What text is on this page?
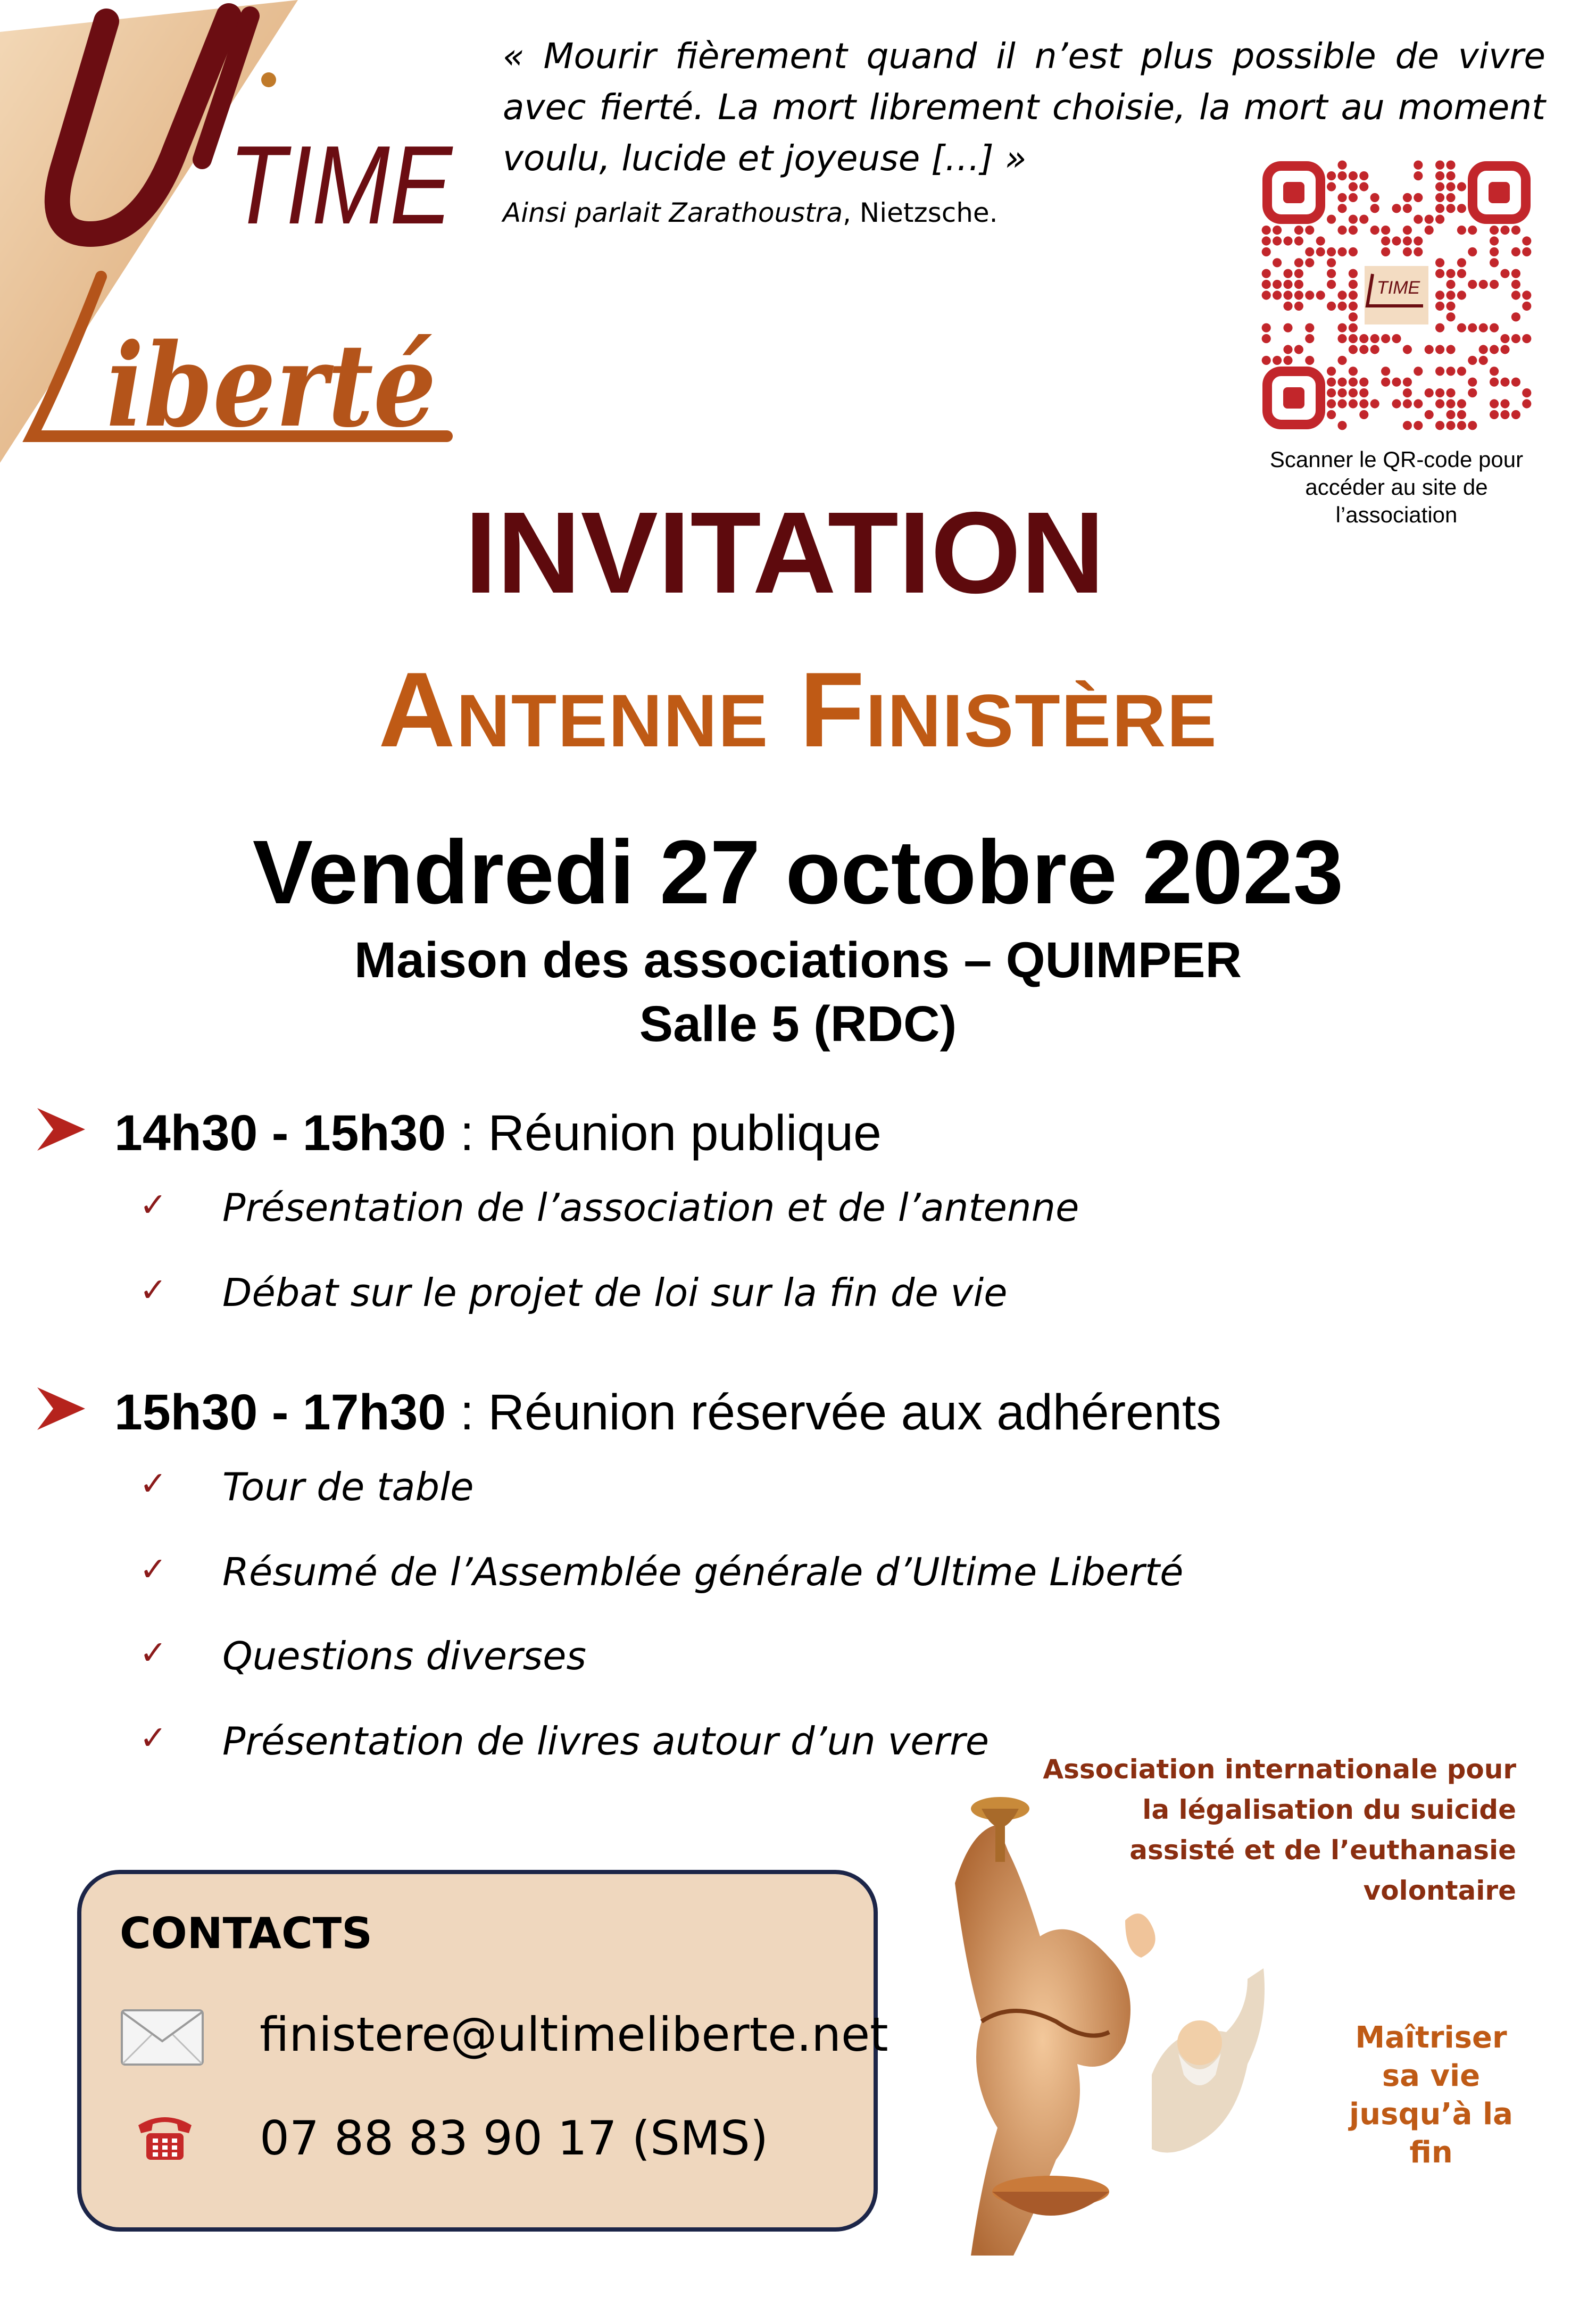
TIME
iberté

« Mourir fièrement quand il n’est plus possible de vivre avec fierté. La mort librement choisie, la mort au moment voulu, lucide et joyeuse […] »

Ainsi parlait Zarathoustra, Nietzsche.
TIME
Scanner le QR-code pour accéder au site de l’association
INVITATION
Antenne Finistère
Vendredi 27 octobre 2023
Maison des associations – QUIMPER
Salle 5 (RDC)
14h30 - 15h30 : Réunion publique
✓ Présentation de l’association et de l’antenne
✓ Débat sur le projet de loi sur la fin de vie
15h30 - 17h30 : Réunion réservée aux adhérents
✓ Tour de table
✓ Résumé de l’Assemblée générale d’Ultime Liberté
✓ Questions diverses
✓ Présentation de livres autour d’un verre
CONTACTS
finistere@ultimeliberte.net
07 88 83 90 17 (SMS)
Association internationale pour la légalisation du suicide assisté et de l’euthanasie volontaire
Maîtriser sa vie jusqu’à la fin
